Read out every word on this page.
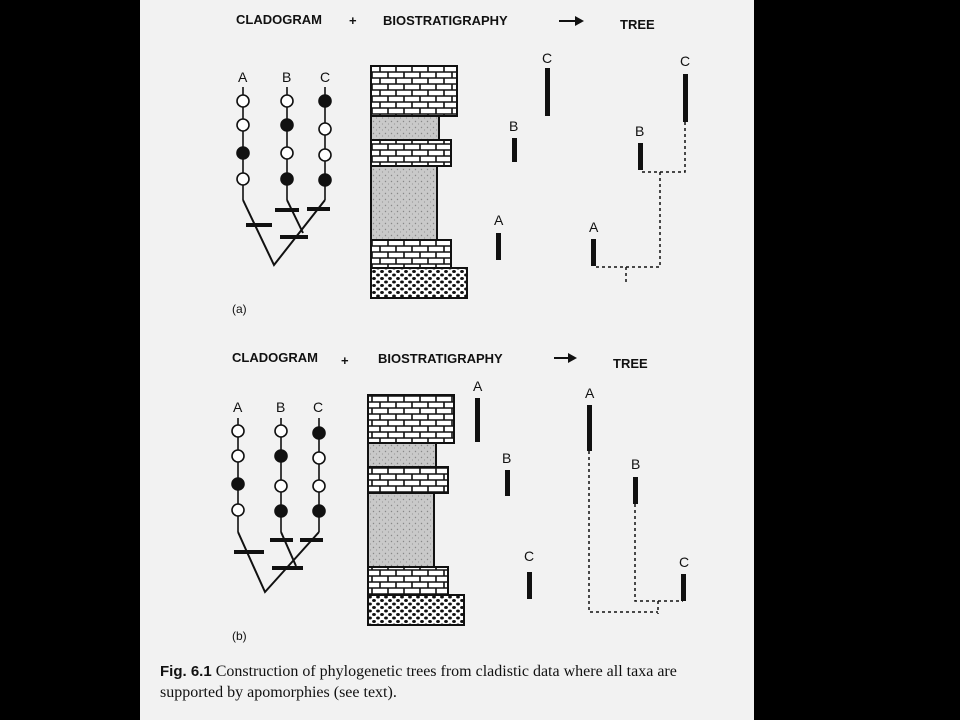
CLADOGRAM + BIOSTRATIGRAPHY	TREE
A B C
C
B
A
C
B
A
(a)
CLADOGRAM + BIOSTRATIGRAPHY	TREE
A B C
A
B
C
A
B
C
(b)
Fig. 6.1 Construction of phylogenetic trees from cladistic data where all taxa are supported by apomorphies (see text).
